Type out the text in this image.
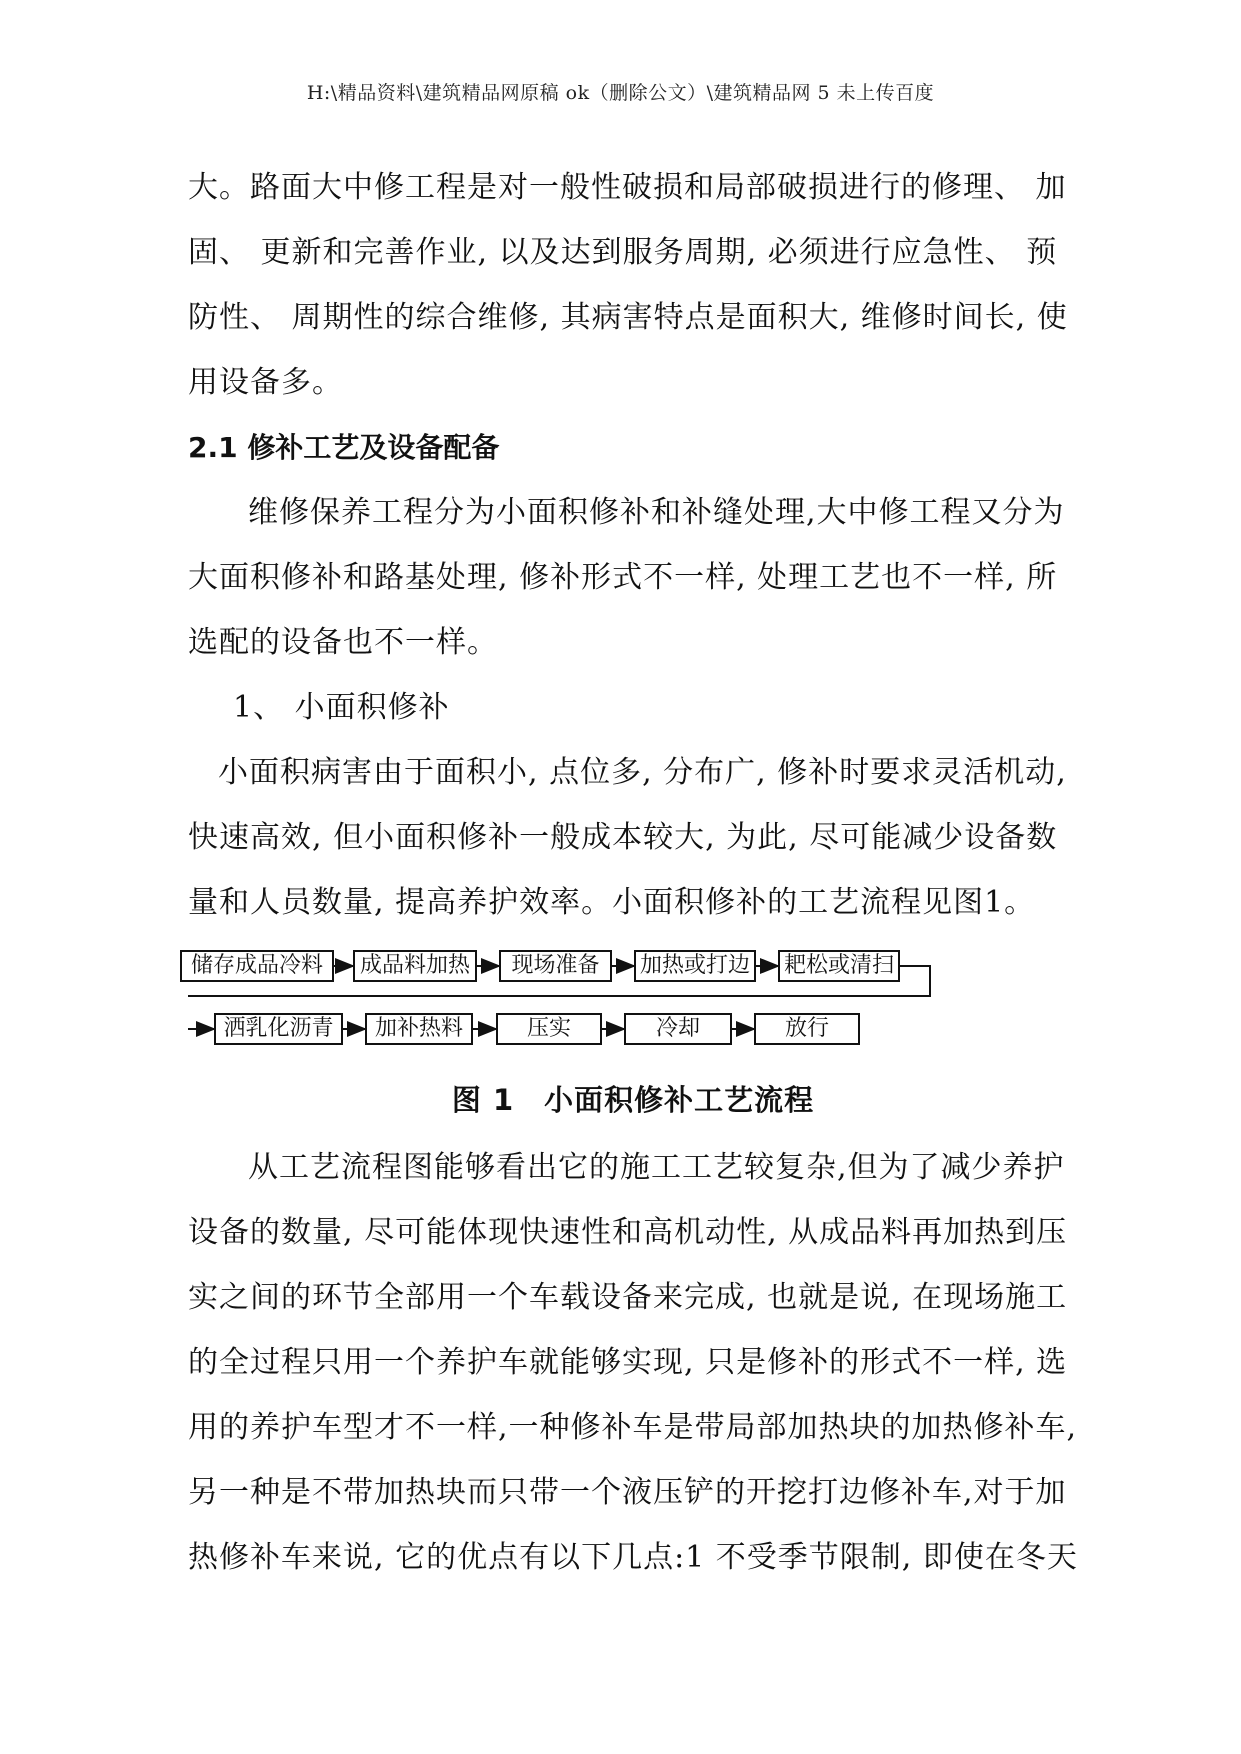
H:\精品资料\建筑精品网原稿 ok（删除公文）\建筑精品网 5 未上传百度
大。路面大中修工程是对一般性破损和局部破损进行的修理、 加
固、 更新和完善作业, 以及达到服务周期, 必须进行应急性、 预
防性、 周期性的综合维修, 其病害特点是面积大, 维修时间长, 使
用设备多。
2.1 修补工艺及设备配备
维修保养工程分为小面积修补和补缝处理,大中修工程又分为
大面积修补和路基处理, 修补形式不一样, 处理工艺也不一样, 所
选配的设备也不一样。
1、 小面积修补
小面积病害由于面积小, 点位多, 分布广, 修补时要求灵活机动,
快速高效, 但小面积修补一般成本较大, 为此, 尽可能减少设备数
量和人员数量, 提高养护效率。小面积修补的工艺流程见图1。
储存成品冷料	成品料加热	现场准备	加热或打边 耙松或清扫
洒乳化沥青	加补热料	压实	冷却	放行
图 1　小面积修补工艺流程
从工艺流程图能够看出它的施工工艺较复杂,但为了减少养护
设备的数量, 尽可能体现快速性和高机动性, 从成品料再加热到压
实之间的环节全部用一个车载设备来完成, 也就是说, 在现场施工
的全过程只用一个养护车就能够实现, 只是修补的形式不一样, 选
用的养护车型才不一样,一种修补车是带局部加热块的加热修补车,
另一种是不带加热块而只带一个液压铲的开挖打边修补车,对于加
热修补车来说, 它的优点有以下几点:1 不受季节限制, 即使在冬天
